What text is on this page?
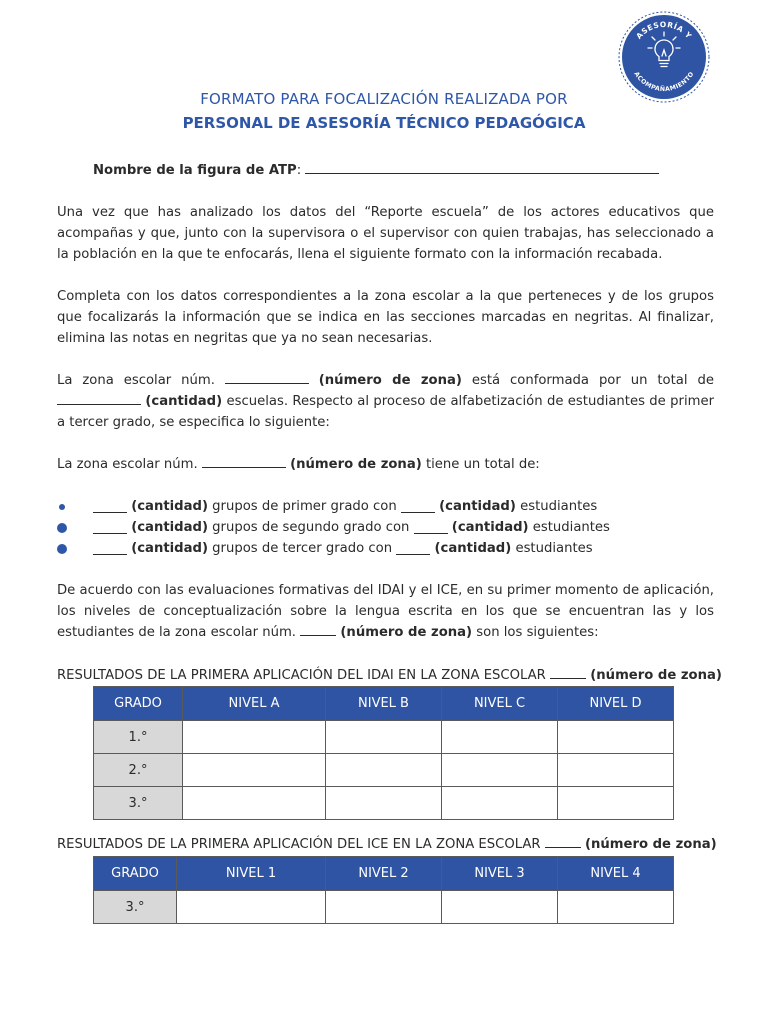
ASESORÍA Y
ACOMPAÑAMIENTO
FORMATO PARA FOCALIZACIÓN REALIZADA POR
PERSONAL DE ASESORÍA TÉCNICO PEDAGÓGICA
Nombre de la figura de ATP:
Una vez que has analizado los datos del “Reporte escuela” de los actores educativos que acompañas y que, junto con la supervisora o el supervisor con quien trabajas, has seleccionado a la población en la que te enfocarás, llena el siguiente formato con la información recabada.
Completa con los datos correspondientes a la zona escolar a la que perteneces y de los grupos que focalizarás la información que se indica en las secciones marcadas en negritas. Al finalizar, elimina las notas en negritas que ya no sean necesarias.
La zona escolar núm.	(número de zona) está conformada por un total de  (cantidad) escuelas. Respecto al proceso de alfabetización de estudiantes de primer a tercer grado, se especifica lo siguiente:
La zona escolar núm.	(número de zona) tiene un total de:

(cantidad)
grupos de primer grado con

	(cantidad)
estudiantes

(cantidad)
grupos de segundo grado con

	(cantidad)
estudiantes

(cantidad)
grupos de tercer grado con

	(cantidad)
estudiantes
De acuerdo con las evaluaciones formativas del IDAI y el ICE, en su primer momento de aplicación, los niveles de conceptualización sobre la lengua escrita en los que se encuentran las y los estudiantes de la zona escolar núm.	(número de zona) son los siguientes:
RESULTADOS DE LA PRIMERA APLICACIÓN DEL IDAI EN LA ZONA ESCOLAR	(número de zona)
GRADO	NIVEL A	NIVEL B	NIVEL C	NIVEL D
1.°				
2.°				
3.°				
RESULTADOS DE LA PRIMERA APLICACIÓN DEL ICE EN LA ZONA ESCOLAR	(número de zona)
GRADO	NIVEL 1	NIVEL 2	NIVEL 3	NIVEL 4
3.°				
